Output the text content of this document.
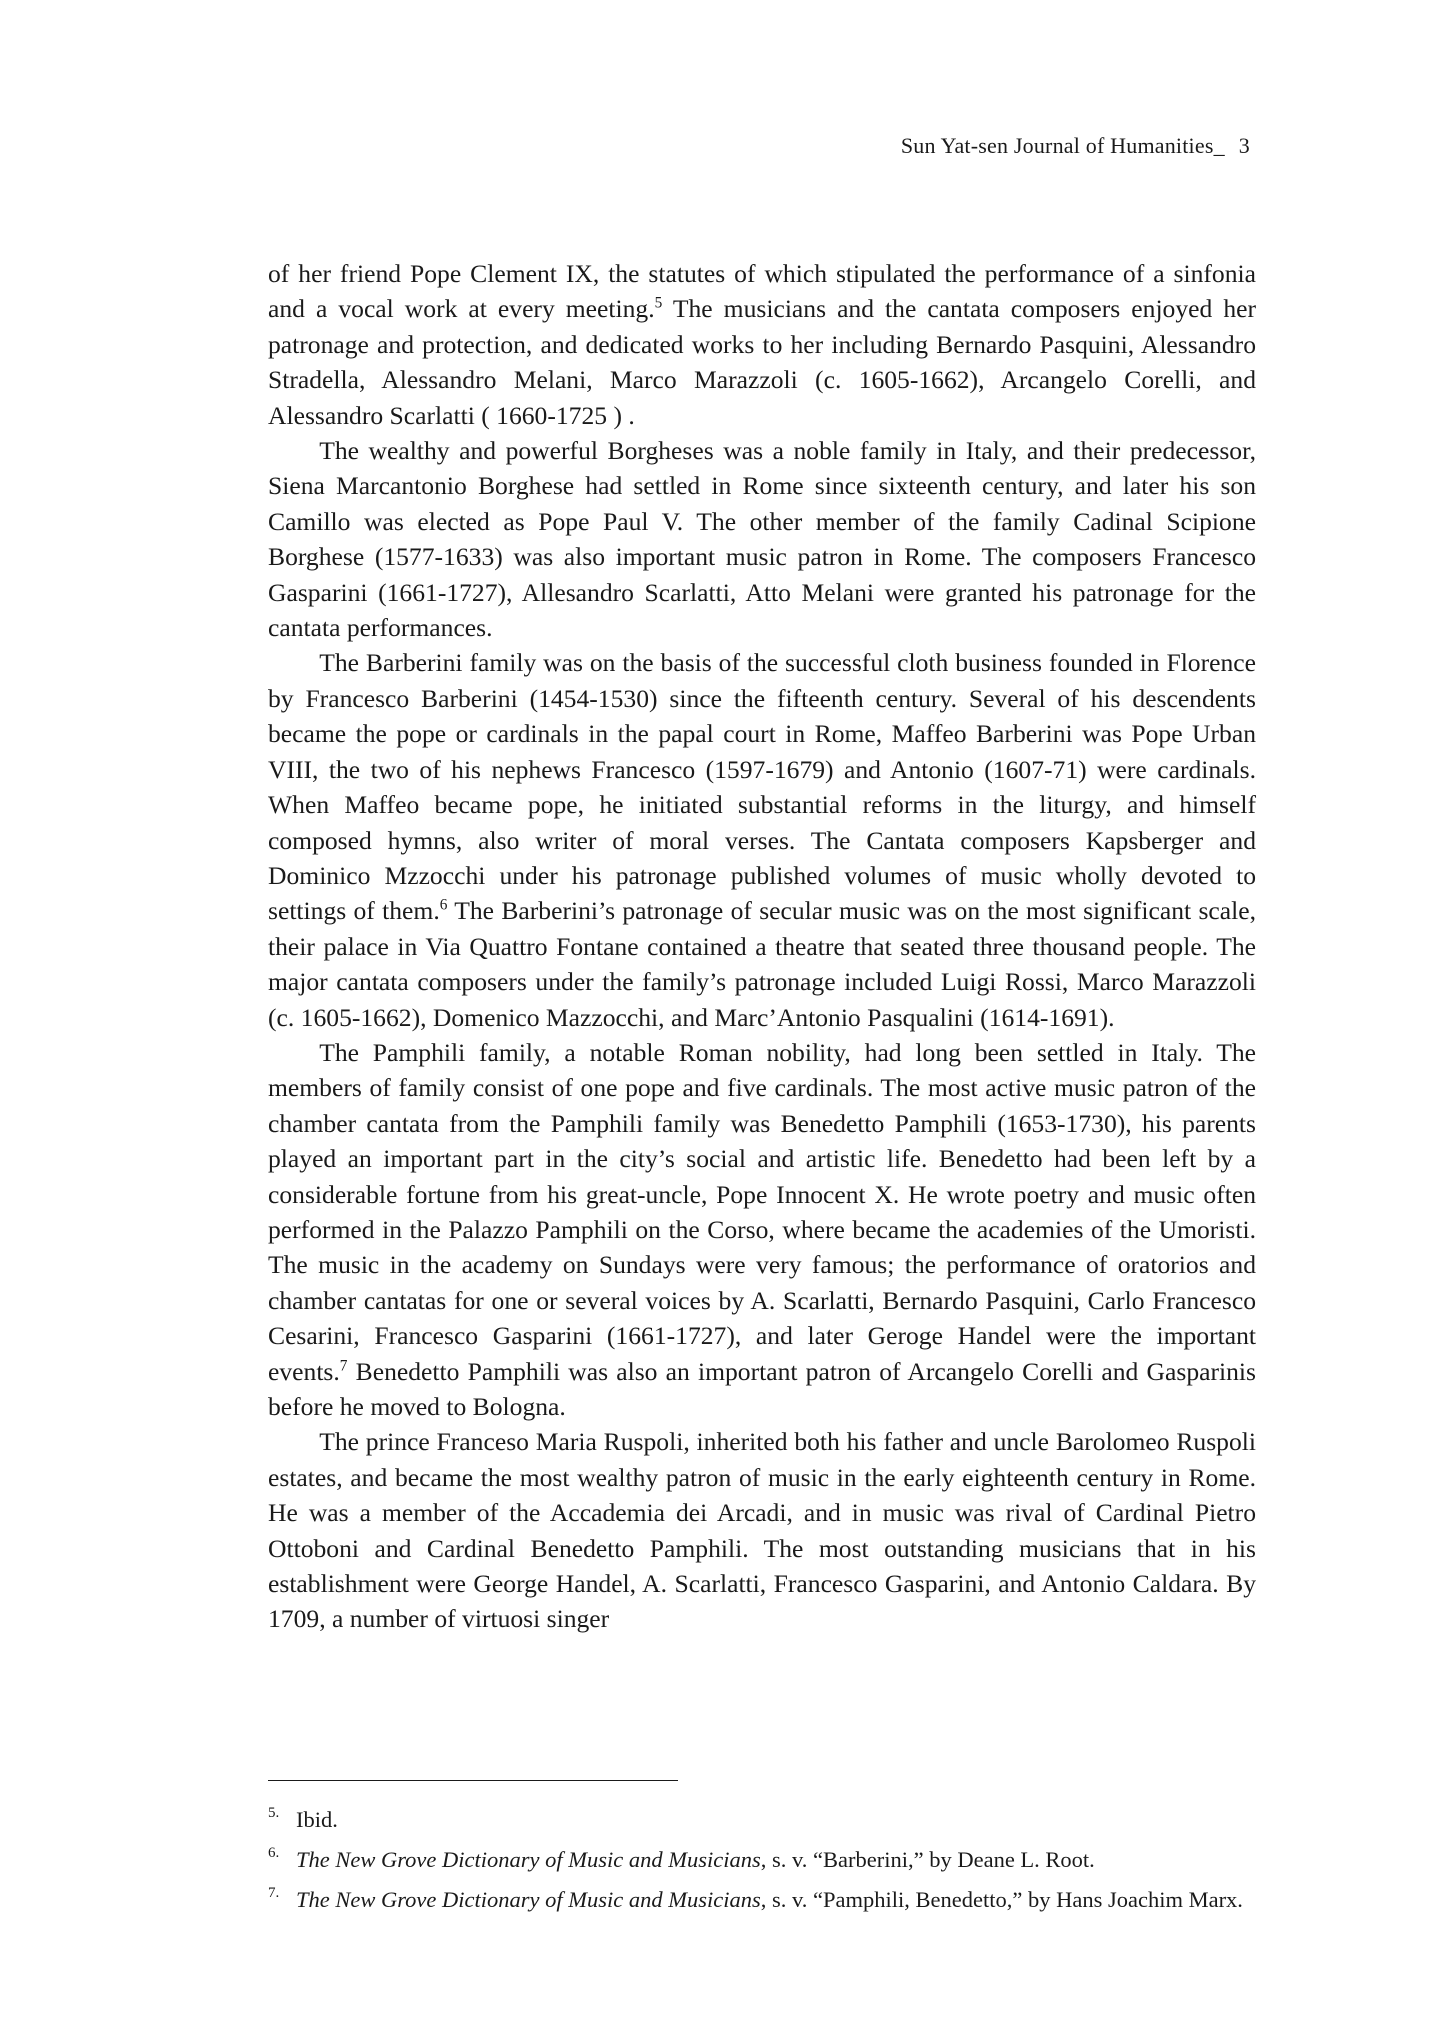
Sun Yat-sen Journal of Humanities_ 3

of her friend Pope Clement IX, the statutes of which stipulated the performance of a sinfonia and a vocal work at every meeting.$^5$ The musicians and the cantata composers enjoyed her patronage and protection, and dedicated works to her including Bernardo Pasquini, Alessandro Stradella, Alessandro Melani, Marco Marazzoli (c. 1605-1662), Arcangelo Corelli, and Alessandro Scarlatti ( 1660-1725 ) .

The wealthy and powerful Borgheses was a noble family in Italy, and their predecessor, Siena Marcantonio Borghese had settled in Rome since sixteenth century, and later his son Camillo was elected as Pope Paul V. The other member of the family Cadinal Scipione Borghese (1577-1633) was also important music patron in Rome. The composers Francesco Gasparini (1661-1727), Allesandro Scarlatti, Atto Melani were granted his patronage for the cantata performances.

The Barberini family was on the basis of the successful cloth business founded in Florence by Francesco Barberini (1454-1530) since the fifteenth century. Several of his descendents became the pope or cardinals in the papal court in Rome, Maffeo Barberini was Pope Urban VIII, the two of his nephews Francesco (1597-1679) and Antonio (1607-71) were cardinals. When Maffeo became pope, he initiated substantial reforms in the liturgy, and himself composed hymns, also writer of moral verses. The Cantata composers Kapsberger and Dominico Mzzocchi under his patronage published volumes of music wholly devoted to settings of them.$^6$ The Barberini’s patronage of secular music was on the most significant scale, their palace in Via Quattro Fontane contained a theatre that seated three thousand people. The major cantata composers under the family’s patronage included Luigi Rossi, Marco Marazzoli (c. 1605-1662), Domenico Mazzocchi, and Marc’Antonio Pasqualini (1614-1691).

The Pamphili family, a notable Roman nobility, had long been settled in Italy. The members of family consist of one pope and five cardinals. The most active music patron of the chamber cantata from the Pamphili family was Benedetto Pamphili (1653-1730), his parents played an important part in the city’s social and artistic life. Benedetto had been left by a considerable fortune from his great-uncle, Pope Innocent X. He wrote poetry and music often performed in the Palazzo Pamphili on the Corso, where became the academies of the Umoristi. The music in the academy on Sundays were very famous; the performance of oratorios and chamber cantatas for one or several voices by A. Scarlatti, Bernardo Pasquini, Carlo Francesco Cesarini, Francesco Gasparini (1661-1727), and later Geroge Handel were the important events.$^7$ Benedetto Pamphili was also an important patron of Arcangelo Corelli and Gasparinis before he moved to Bologna.

The prince Franceso Maria Ruspoli, inherited both his father and uncle Barolomeo Ruspoli estates, and became the most wealthy patron of music in the early eighteenth century in Rome. He was a member of the Accademia dei Arcadi, and in music was rival of Cardinal Pietro Ottoboni and Cardinal Benedetto Pamphili. The most outstanding musicians that in his establishment were George Handel, A. Scarlatti, Francesco Gasparini, and Antonio Caldara. By 1709, a number of virtuosi singer

5. Ibid.
6. The New Grove Dictionary of Music and Musicians, s. v. “Barberini,” by Deane L. Root.
7. The New Grove Dictionary of Music and Musicians, s. v. “Pamphili, Benedetto,” by Hans Joachim Marx.
